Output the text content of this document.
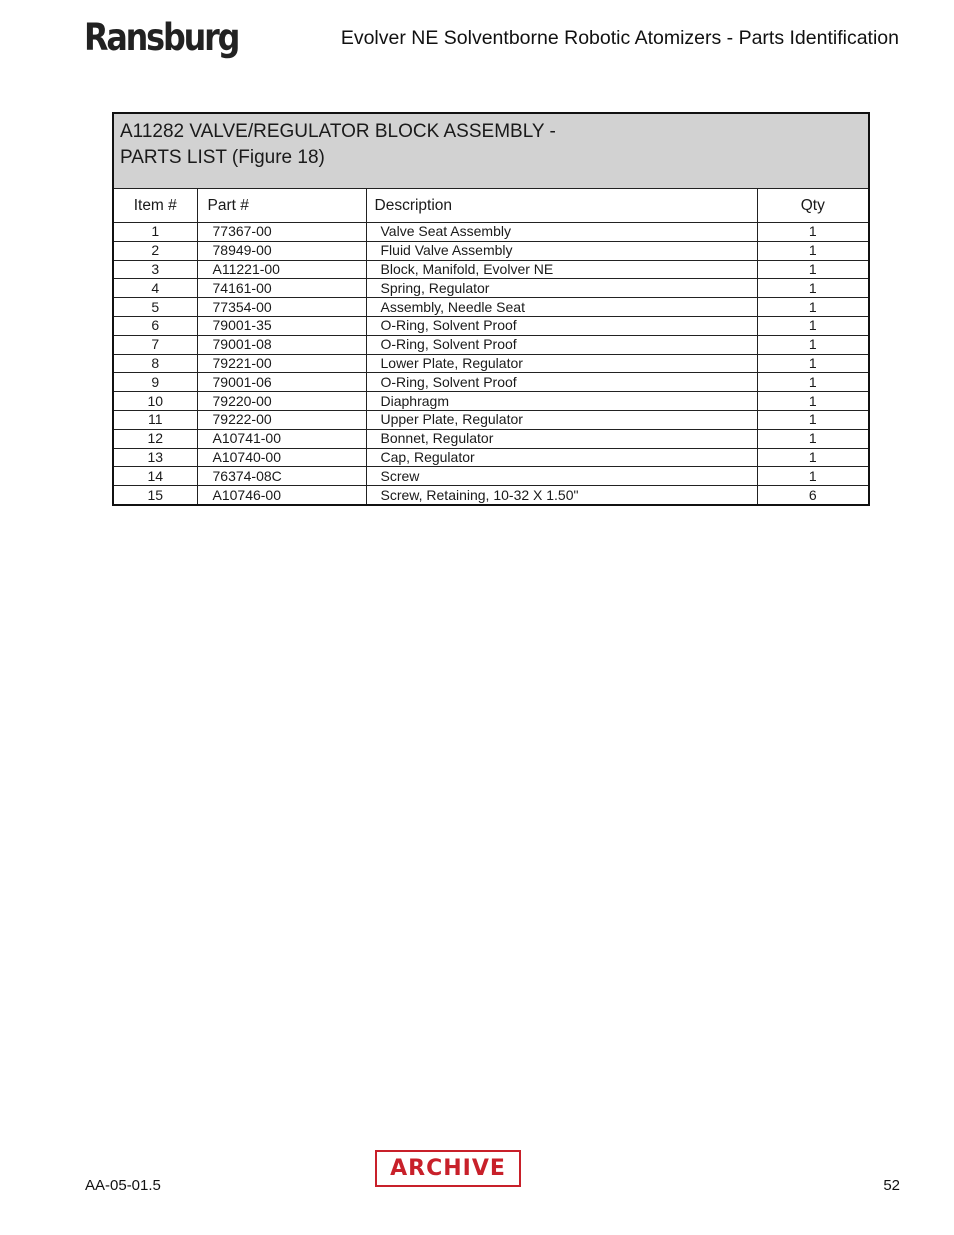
Ransburg	Evolver NE Solventborne Robotic Atomizers - Parts Identification
A11282 VALVE/REGULATOR BLOCK ASSEMBLY -
PARTS LIST (Figure 18)			

Item #	Part #	Description	Qty
1	77367-00	Valve Seat Assembly	1
2	78949-00	Fluid Valve Assembly	1
3	A11221-00	Block, Manifold, Evolver NE	1
4	74161-00	Spring, Regulator	1
5	77354-00	Assembly, Needle Seat	1
6	79001-35	O-Ring, Solvent Proof	1
7	79001-08	O-Ring, Solvent Proof	1
8	79221-00	Lower Plate, Regulator	1
9	79001-06	O-Ring, Solvent Proof	1
10	79220-00	Diaphragm	1
11	79222-00	Upper Plate, Regulator	1
12	A10741-00	Bonnet, Regulator	1
13	A10740-00	Cap, Regulator	1
14	76374-08C	Screw	1
15	A10746-00	Screw, Retaining, 10-32 X 1.50"	6
AA-05-01.5
ARCHIVE
52
